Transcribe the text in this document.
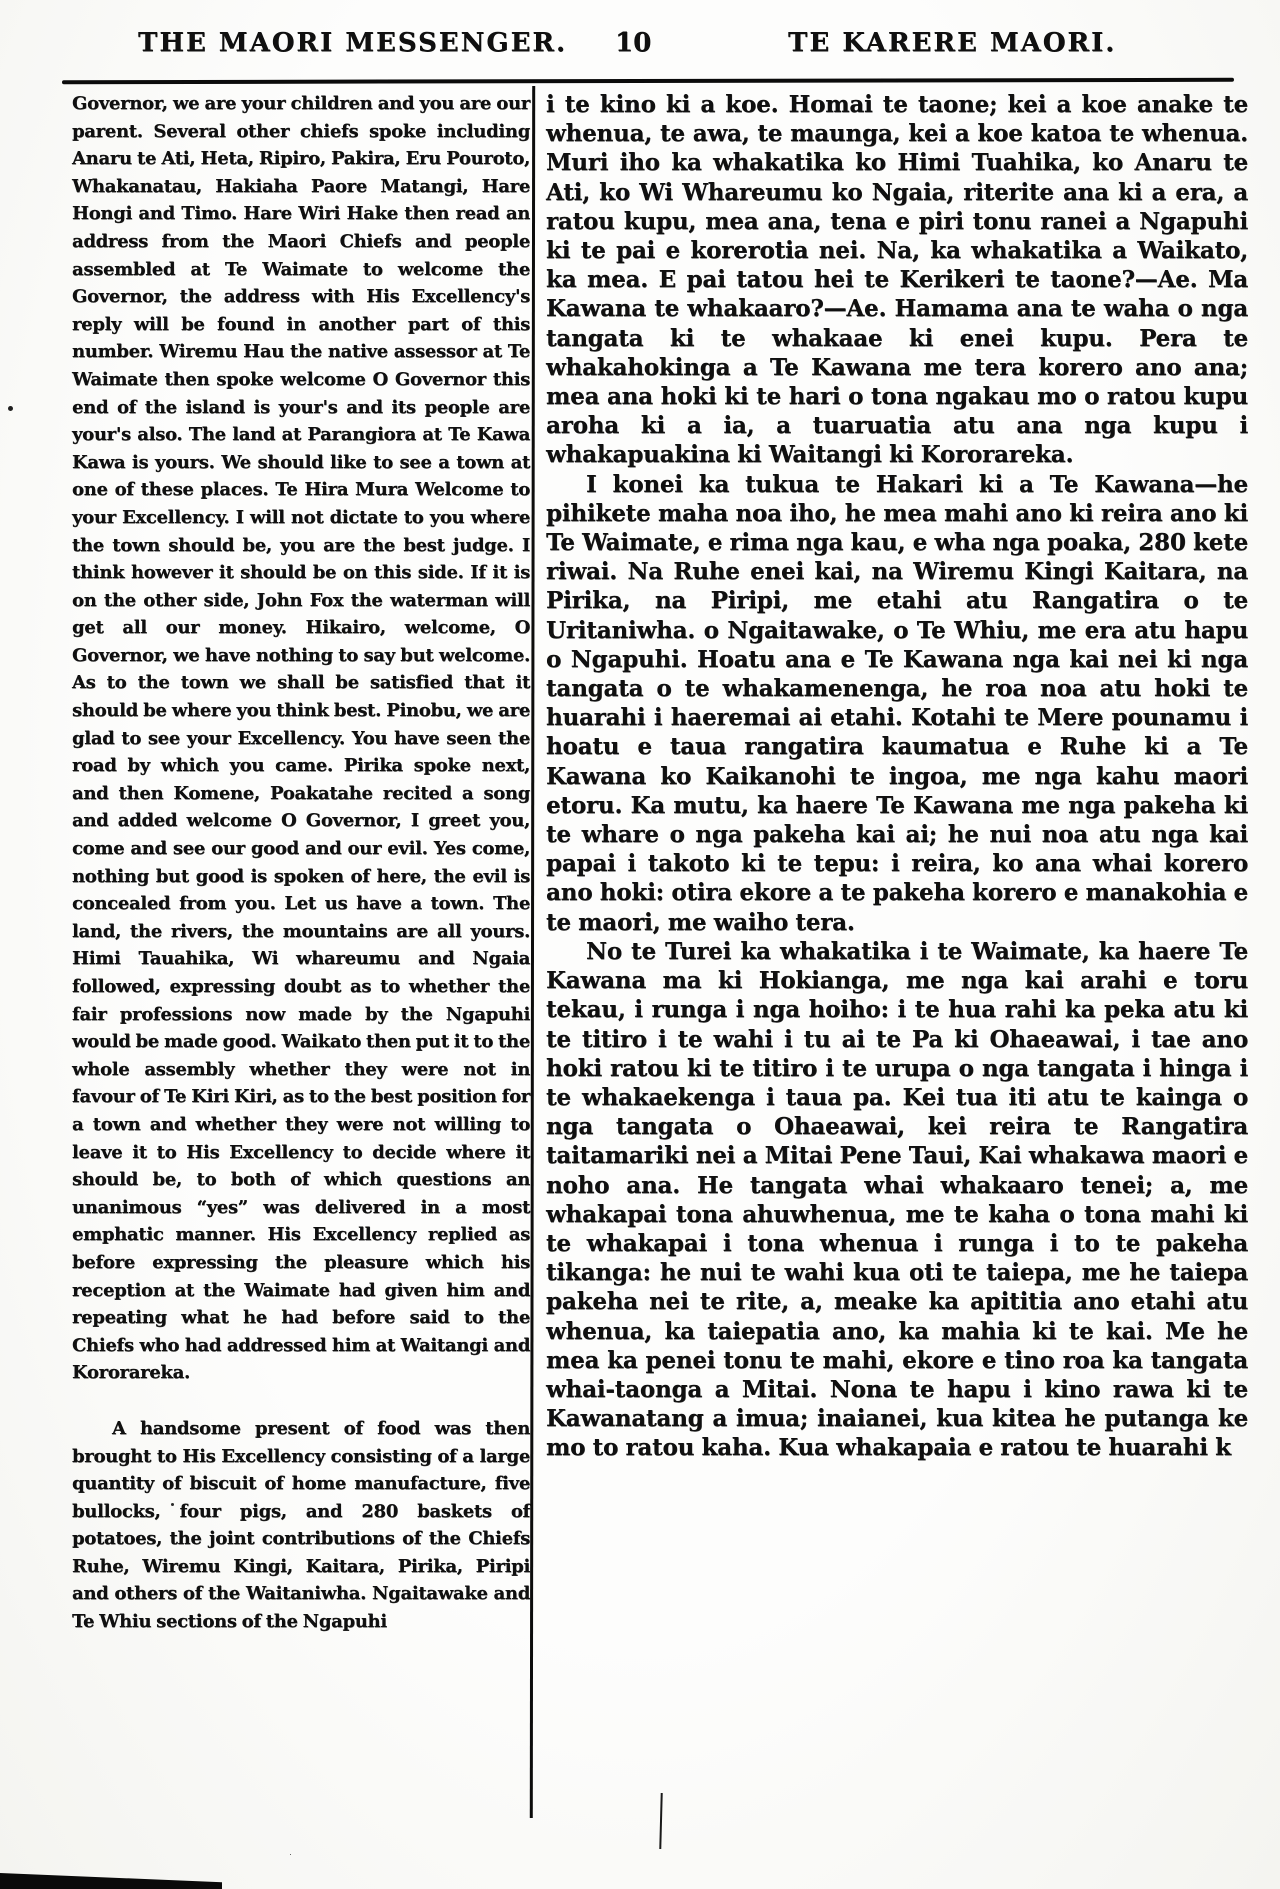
THE MAORI MESSENGER. 10	TE KARERE MAORI.

Governor, we are your children and you are our parent. Several other chiefs spoke including Anaru te Ati, Heta, Ripiro, Pakira, Eru Pouroto, Whakanatau, Hakiaha Paore Matangi, Hare Hongi and Timo. Hare Wiri Hake then read an address from the Maori Chiefs and people assembled at Te Waimate to welcome the Governor, the address with His Excellency's reply will be found in another part of this number. Wiremu Hau the native assessor at Te Waimate then spoke welcome O Governor this end of the island is your's and its people are your's also. The land at Parangiora at Te Kawa Kawa is yours. We should like to see a town at one of these places. Te Hira Mura Welcome to your Excellency. I will not dictate to you where the town should be, you are the best judge. I think however it should be on this side. If it is on the other side, John Fox the waterman will get all our money. Hikairo, welcome, O Governor, we have nothing to say but welcome. As to the town we shall be satisfied that it should be where you think best. Pinobu, we are glad to see your Excellency. You have seen the road by which you came. Pirika spoke next, and then Komene, Poakatahe recited a song and added welcome O Governor, I greet you, come and see our good and our evil. Yes come, nothing but good is spoken of here, the evil is concealed from you. Let us have a town. The land, the rivers, the mountains are all yours. Himi Tauahika, Wi whareumu and Ngaia followed, expressing doubt as to whether the fair professions now made by the Ngapuhi would be made good. Waikato then put it to the whole assembly whether they were not in favour of Te Kiri Kiri, as to the best position for a town and whether they were not willing to leave it to His Excellency to decide where it should be, to both of which questions an unanimous “yes” was delivered in a most emphatic manner. His Excellency replied as before expressing the pleasure which his reception at the Waimate had given him and repeating what he had before said to the Chiefs who had addressed him at Waitangi and Kororareka.

A handsome present of food was then brought to His Excellency consisting of a large quantity of biscuit of home manufacture, five bullocks, four pigs, and 280 baskets of potatoes, the joint contributions of the Chiefs Ruhe, Wiremu Kingi, Kaitara, Pirika, Piripi and others of the Waitaniwha. Ngaitawake and Te Whiu sections of the Ngapuhi

i te kino ki a koe. Homai te taone; kei a koe anake te whenua, te awa, te maunga, kei a koe katoa te whenua. Muri iho ka whakatika ko Himi Tuahika, ko Anaru te Ati, ko Wi Whareumu ko Ngaia, riterite ana ki a era, a ratou kupu, mea ana, tena e piri tonu ranei a Ngapuhi ki te pai e korerotia nei. Na, ka whakatika a Waikato, ka mea. E pai tatou hei te Kerikeri te taone?—Ae. Ma Kawana te whakaaro?—Ae. Hamama ana te waha o nga tangata ki te whakaae ki enei kupu. Pera te whakahokinga a Te Kawana me tera korero ano ana; mea ana hoki ki te hari o tona ngakau mo o ratou kupu aroha ki a ia, a tuaruatia atu ana nga kupu i whakapuakina ki Waitangi ki Kororareka.

I konei ka tukua te Hakari ki a Te Kawana—he pihikete maha noa iho, he mea mahi ano ki reira ano ki Te Waimate, e rima nga kau, e wha nga poaka, 280 kete riwai. Na Ruhe enei kai, na Wiremu Kingi Kaitara, na Pirika, na Piripi, me etahi atu Rangatira o te Uritaniwha. o Ngaitawake, o Te Whiu, me era atu hapu o Ngapuhi. Hoatu ana e Te Kawana nga kai nei ki nga tangata o te whakamenenga, he roa noa atu hoki te huarahi i haeremai ai etahi. Kotahi te Mere pounamu i hoatu e taua rangatira kaumatua e Ruhe ki a Te Kawana ko Kaikanohi te ingoa, me nga kahu maori etoru. Ka mutu, ka haere Te Kawana me nga pakeha ki te whare o nga pakeha kai ai; he nui noa atu nga kai papai i takoto ki te tepu: i reira, ko ana whai korero ano hoki: otira ekore a te pakeha korero e manakohia e te maori, me waiho tera.

No te Turei ka whakatika i te Waimate, ka haere Te Kawana ma ki Hokianga, me nga kai arahi e toru tekau, i runga i nga hoiho: i te hua rahi ka peka atu ki te titiro i te wahi i tu ai te Pa ki Ohaeawai, i tae ano hoki ratou ki te titiro i te urupa o nga tangata i hinga i te whakaekenga i taua pa. Kei tua iti atu te kainga o nga tangata o Ohaeawai, kei reira te Rangatira taitamariki nei a Mitai Pene Taui, Kai whakawa maori e noho ana. He tangata whai whakaaro tenei; a, me whakapai tona ahuwhenua, me te kaha o tona mahi ki te whakapai i tona whenua i runga i to te pakeha tikanga: he nui te wahi kua oti te taiepa, me he taiepa pakeha nei te rite, a, meake ka apititia ano etahi atu whenua, ka taiepatia ano, ka mahia ki te kai. Me he mea ka penei tonu te mahi, ekore e tino roa ka tangata whai-taonga a Mitai. Nona te hapu i kino rawa ki te Kawanatang a imua; inaianei, kua kitea he putanga ke mo to ratou kaha. Kua whakapaia e ratou te huarahi k
